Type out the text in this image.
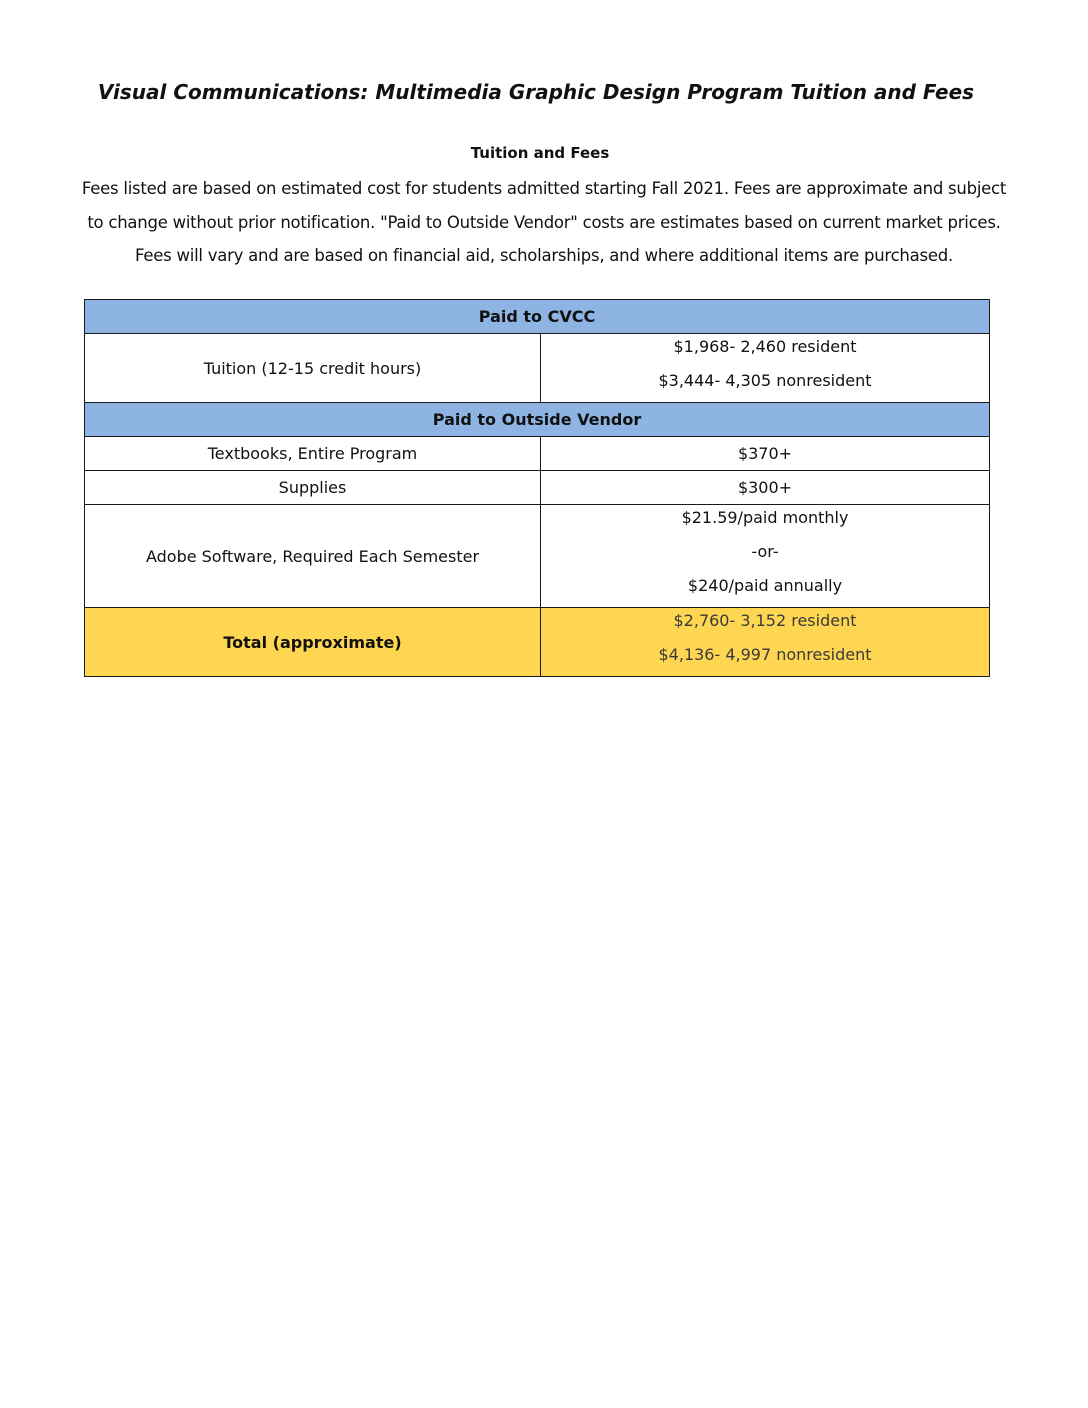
Visual Communications: Multimedia Graphic Design Program Tuition and Fees
Tuition and Fees

Fees listed are based on estimated cost for students admitted starting Fall 2021. Fees are approximate and subject
to change without prior notification. "Paid to Outside Vendor" costs are estimates based on current market prices.
Fees will vary and are based on financial aid, scholarships, and where additional items are purchased.

Paid to CVCC	
Tuition (12-15 credit hours)	$1,968- 2,460 resident
$3,444- 4,305 nonresident

Paid to Outside Vendor	
Textbooks, Entire Program	$370+
Supplies	$300+
Adobe Software, Required Each Semester	$21.59/paid monthly
-or-
$240/paid annually

Total (approximate)	$2,760- 3,152 resident
$4,136- 4,997 nonresident
